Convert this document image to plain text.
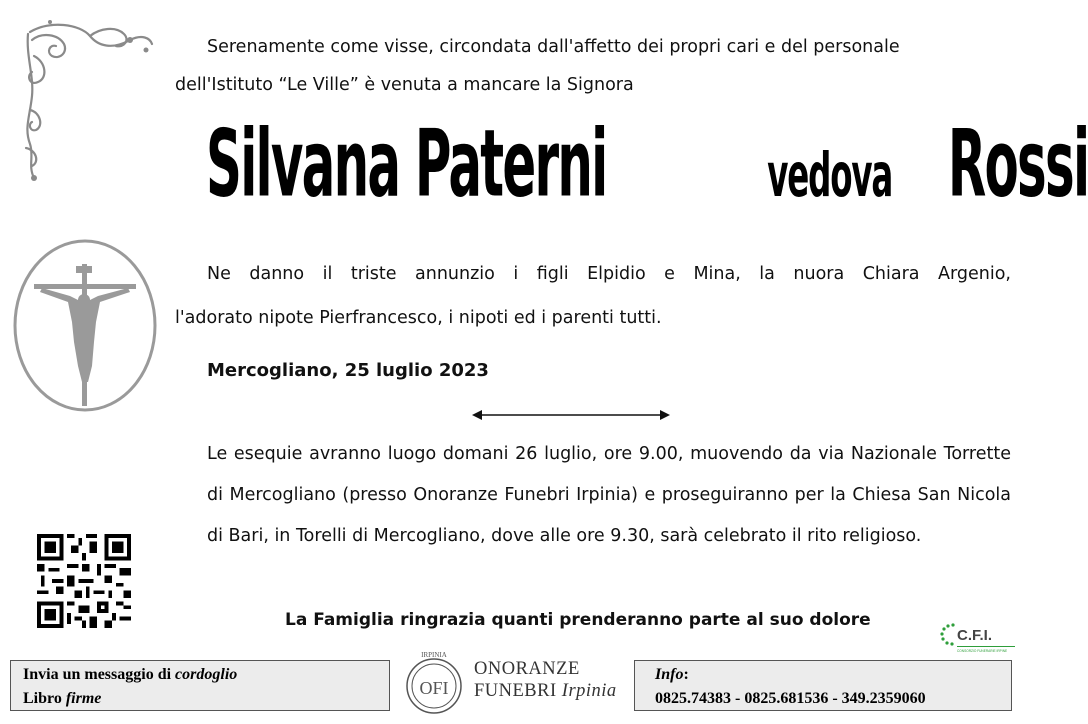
Serenamente come visse, circondata dall'affetto dei propri cari e del personale
dell'Istituto “Le Ville” è venuta a mancare la Signora
Silvana Paterni	vedova Rossi
Ne danno il triste annunzio i figli Elpidio e Mina, la nuora Chiara Argenio,
l'adorato nipote Pierfrancesco, i nipoti ed i parenti tutti.
Mercogliano, 25 luglio 2023

Le esequie avranno luogo domani 26 luglio, ore 9.00, muovendo da via Nazionale Torrette di Mercogliano (presso Onoranze Funebri Irpinia) e proseguiranno per la Chiesa San Nicola di Bari, in Torelli di Mercogliano, dove alle ore 9.30, sarà celebrato il rito religioso.

La Famiglia ringrazia quanti prenderanno parte al suo dolore
C.F.I.
CONSORZIO FUNERARIE IRPINE
Invia un messaggio di cordoglio
Libro firme
IRPINIA
OFI
ONORANZE
FUNEBRI Irpinia
Info:
0825.74383 - 0825.681536 - 349.2359060
